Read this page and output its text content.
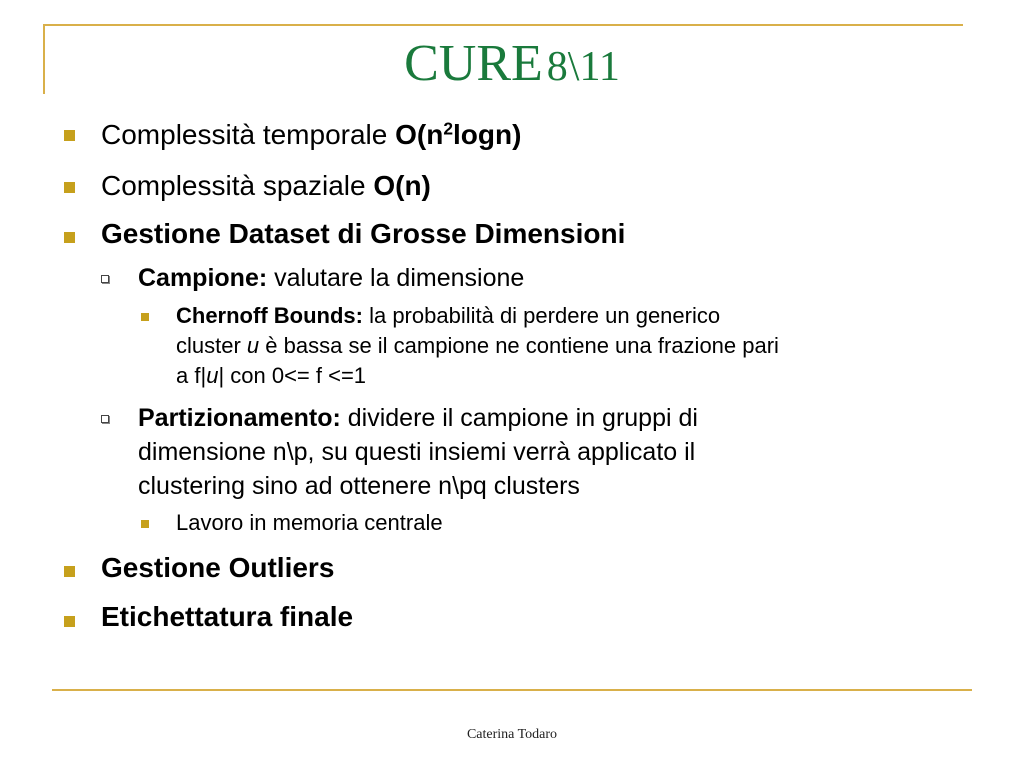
CURE 8\11
Complessità temporale $O(n^2\log n)$
Complessità spaziale O(n)
Gestione Dataset di Grosse Dimensioni
Campione: valutare la dimensione
Chernoff Bounds: la probabilità di perdere un generico
cluster u è bassa se il campione ne contiene una frazione pari
a f|u| con 0<= f <=1
Partizionamento: dividere il campione in gruppi di
dimensione n\p, su questi insiemi verrà applicato il
clustering sino ad ottenere n\pq clusters
Lavoro in memoria centrale
Gestione Outliers
Etichettatura finale
Caterina Todaro
